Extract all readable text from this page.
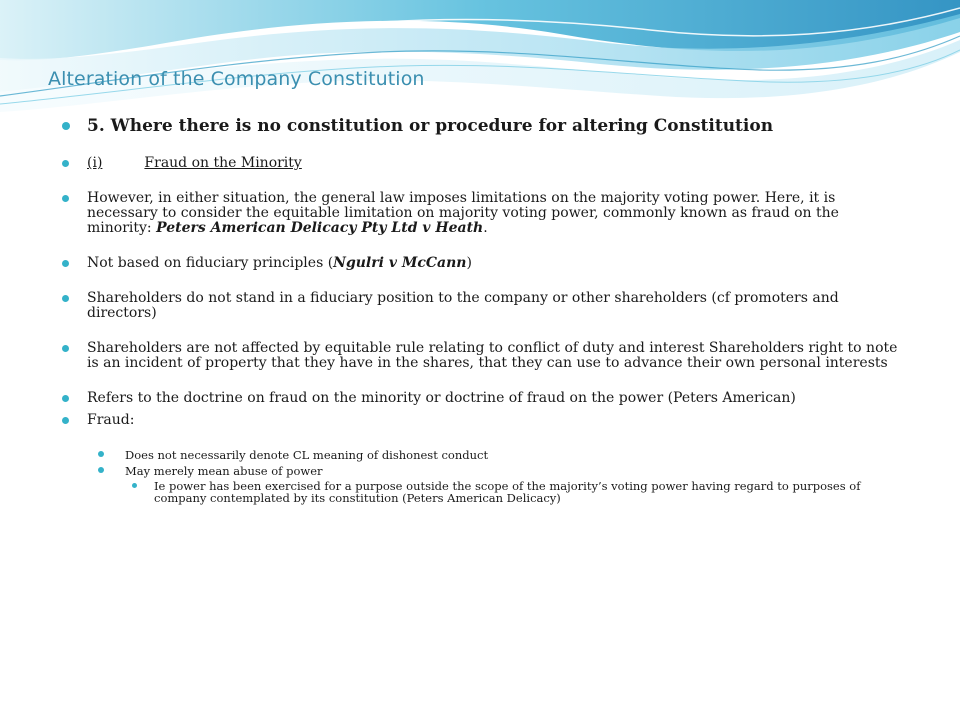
Alteration of the Company Constitution
5. Where there is no constitution or procedure for altering Constitution
(i)	Fraud on the Minority
However, in either situation, the general law imposes limitations on the majority voting power. Here, it is necessary to consider the equitable limitation on majority voting power, commonly known as fraud on the minority: Peters American Delicacy Pty Ltd v Heath.
Not based on fiduciary principles (Ngulri v McCann)
Shareholders do not stand in a fiduciary position to the company or other shareholders (cf promoters and directors)
Shareholders are not affected by equitable rule relating to conflict of duty and interest Shareholders right to note is an incident of property that they have in the shares, that they can use to advance their own personal interests
Refers to the doctrine on fraud on the minority or doctrine of fraud on the power (Peters American)
Fraud:
Does not necessarily denote CL meaning of dishonest conduct
May merely mean abuse of power
Ie power has been exercised for a purpose outside the scope of the majority’s voting power having regard to purposes of company contemplated by its constitution (Peters American Delicacy)
